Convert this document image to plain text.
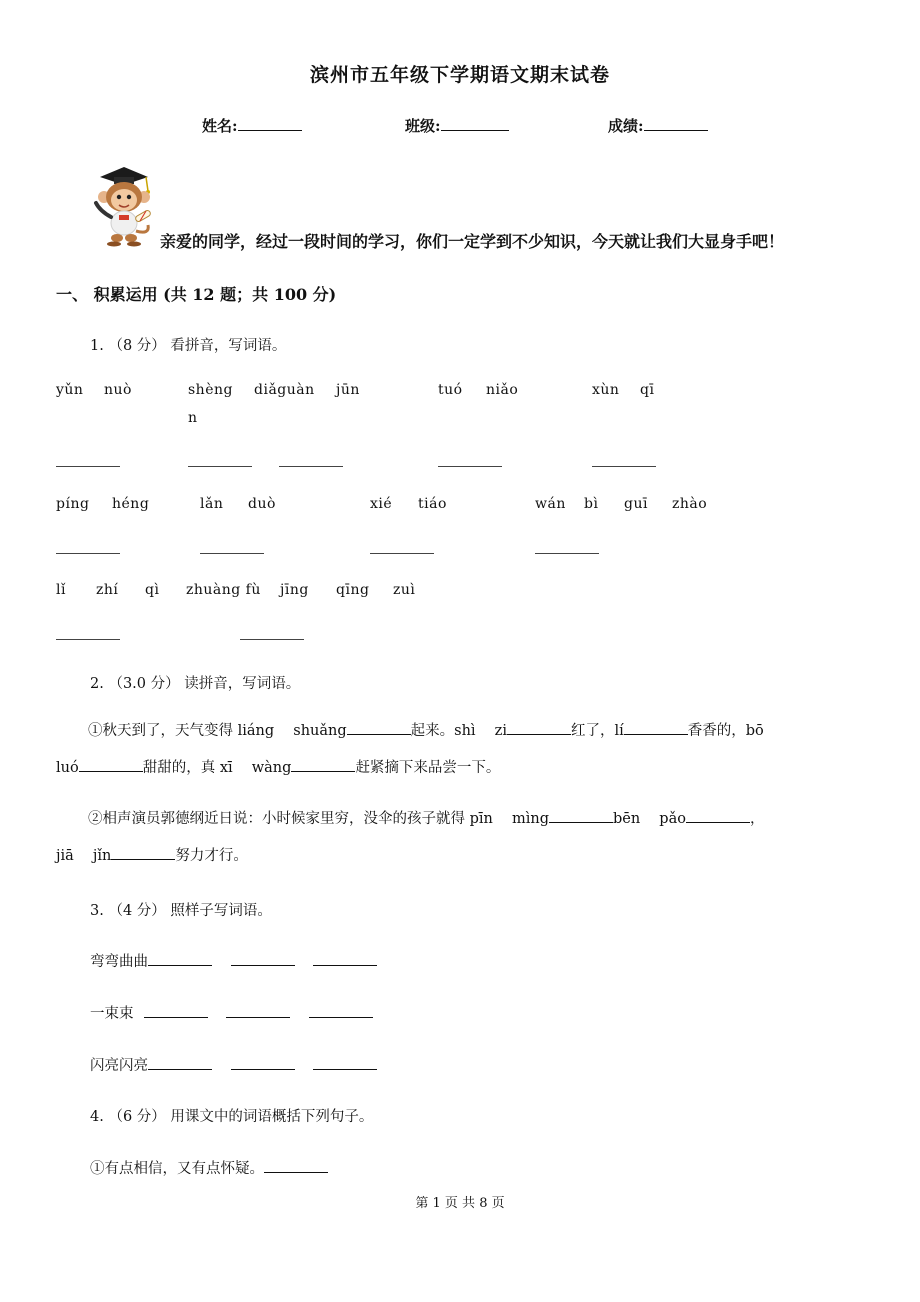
滨州市五年级下学期语文期末试卷
姓名:	班级:	成绩:
亲爱的同学，经过一段时间的学习，你们一定学到不少知识，今天就让我们大显身手吧！
一、 积累运用 (共 12 题；共 100 分)
1. （8 分） 看拼音，写词语。
yǔn nuò	shèng
n
diǎguàn jūn	tuó niǎo	xùn qī
píng héng	lǎn duò	xié tiáo	wán bì guī zhào
lǐ zhí qì zhuàng fù jīng qīng zuì
2. （3.0 分） 读拼音，写词语。
①秋天到了，天气变得 liáng　 shuǎng	起来。shì　 zi	红了，lí	香香的，bō
luó	甜甜的，真 xī　 wàng	赶紧摘下来品尝一下。
②相声演员郭德纲近日说：小时候家里穷，没伞的孩子就得 pīn　 mìng	bēn　 pǎo	，
jiā　 jǐn	努力才行。
3. （4 分） 照样子写词语。
弯弯曲曲
一束束
闪亮闪亮
4. （6 分） 用课文中的词语概括下列句子。
①有点相信，又有点怀疑。
第 1 页 共 8 页
